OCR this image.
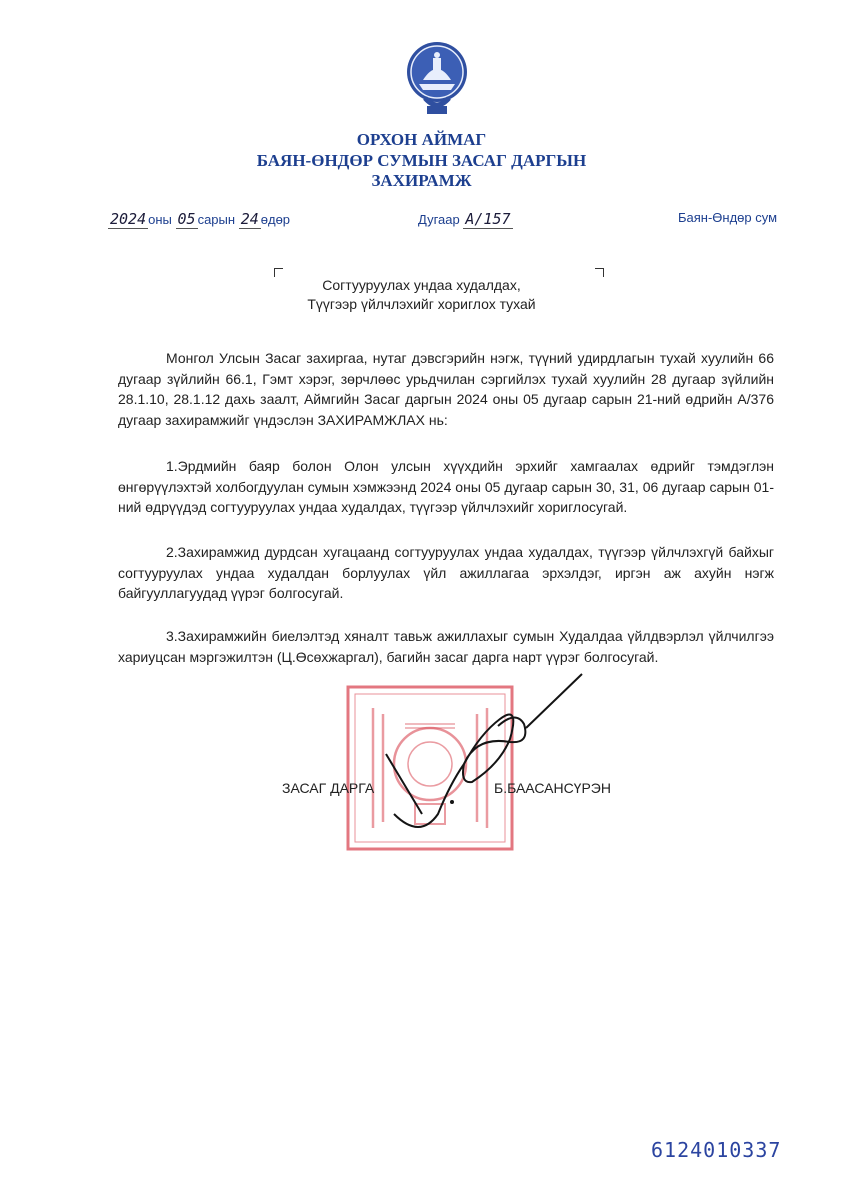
ОРХОН АЙМАГ
БАЯН-ӨНДӨР СУМЫН ЗАСАГ ДАРГЫН
ЗАХИРАМЖ
2024 оны 05 сарын 24 өдөр	Дугаар А/157	Баян-Өндөр сум
Согтууруулах ундаа худалдах,
Түүгээр үйлчлэхийг хориглох тухай
Монгол Улсын Засаг захиргаа, нутаг дэвсгэрийн нэгж, түүний удирдлагын тухай хуулийн 66 дугаар зүйлийн 66.1, Гэмт хэрэг, зөрчлөөс урьдчилан сэргийлэх тухай хуулийн 28 дугаар зүйлийн 28.1.10, 28.1.12 дахь заалт, Аймгийн Засаг даргын 2024 оны 05 дугаар сарын 21-ний өдрийн А/376 дугаар захирамжийг үндэслэн ЗАХИРАМЖЛАХ нь:
1.Эрдмийн баяр болон Олон улсын хүүхдийн эрхийг хамгаалах өдрийг тэмдэглэн өнгөрүүлэхтэй холбогдуулан сумын хэмжээнд 2024 оны 05 дугаар сарын 30, 31, 06 дугаар сарын 01-ний өдрүүдэд согтууруулах ундаа худалдах, түүгээр үйлчлэхийг хориглосугай.
2.Захирамжид дурдсан хугацаанд согтууруулах ундаа худалдах, түүгээр үйлчлэхгүй байхыг согтууруулах ундаа худалдан борлуулах үйл ажиллагаа эрхэлдэг, иргэн аж ахуйн нэгж байгууллагуудад үүрэг болгосугай.
3.Захирамжийн биелэлтэд хяналт тавьж ажиллахыг сумын Худалдаа үйлдвэрлэл үйлчилгээ хариуцсан мэргэжилтэн (Ц.Өсөхжаргал), багийн засаг дарга нарт үүрэг болгосугай.
ЗАСАГ ДАРГА	Б.БААСАНСҮРЭН
6124010337
